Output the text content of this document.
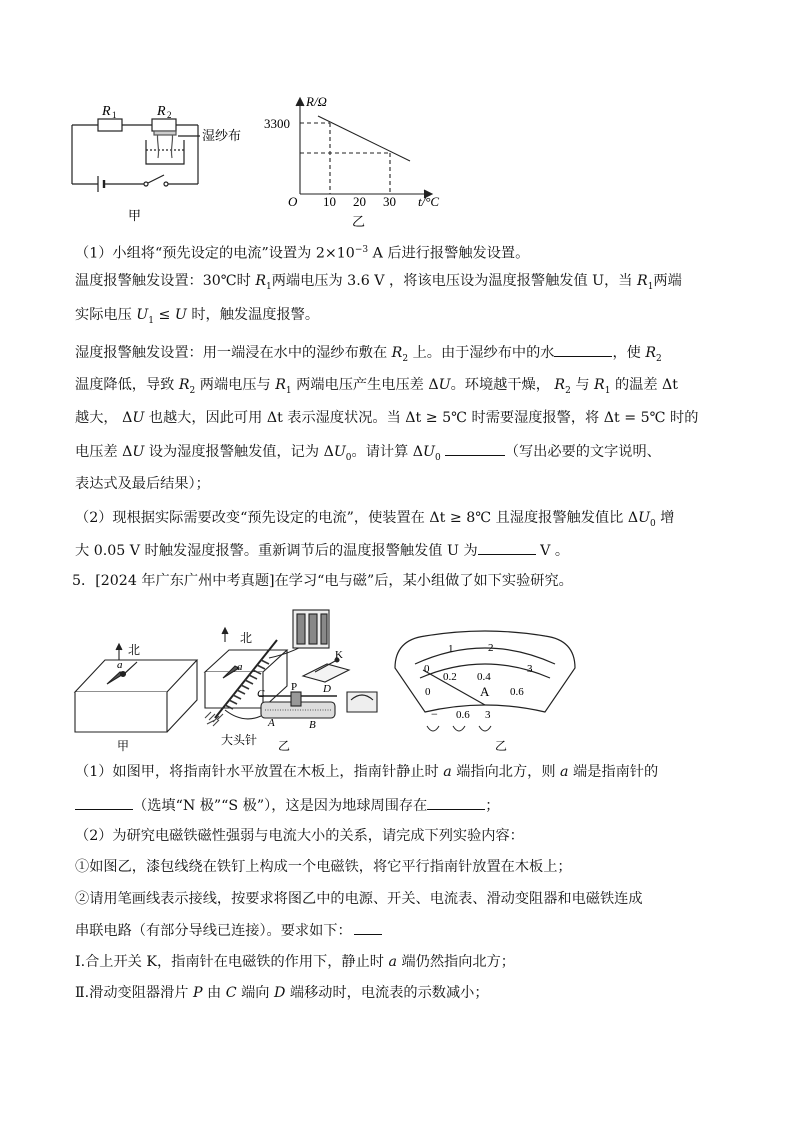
R 1	R 2
湿纱布
甲
R/Ω
3300
O 10 20 30 t/°C
乙
（1）小组将“预先设定的电流”设置为 $2\times 10^{-3}$ A 后进行报警触发设置。
温度报警触发设置：30℃时 $R_1$两端电压为 3.6 V ，将该电压设为温度报警触发值 U，当 $R_1$两端
实际电压 $U_1 \le U$ 时，触发温度报警。
湿度报警触发设置：用一端浸在水中的湿纱布敷在 $R_2$ 上。由于湿纱布中的水	，使 $R_2$
温度降低，导致 $R_2$ 两端电压与 $R_1$ 两端电压产生电压差 ΔU。环境越干燥， $R_2$ 与 $R_1$ 的温差 Δt
越大， ΔU 也越大，因此可用 Δt 表示湿度状况。当 Δt ≥ 5℃ 时需要湿度报警，将 Δt = 5℃ 时的
电压差 ΔU 设为湿度报警触发值，记为 $\Delta U_0$。请计算 $\Delta U_0$	（写出必要的文字说明、
表达式及最后结果）；
（2）现根据实际需要改变“预先设定的电流”，使装置在 Δt ≥ 8℃ 且湿度报警触发值比 $\Delta U_0$ 增
大 0.05 V 时触发湿度报警。重新调节后的温度报警触发值 U 为	V 。
5．[2024 年广东广州中考真题]在学习“电与磁”后，某小组做了如下实验研究。
北
a
甲
北
a
C
P D
A	B
K
大头针 乙
0
1	2
3
0
0.2 0.4
0.6
A
− 0.6 3
乙
（1）如图甲，将指南针水平放置在木板上，指南针静止时 a 端指向北方，则 a 端是指南针的
（选填“N 极”“S 极”），这是因为地球周围存在	；
（2）为研究电磁铁磁性强弱与电流大小的关系，请完成下列实验内容：
①如图乙，漆包线绕在铁钉上构成一个电磁铁，将它平行指南针放置在木板上；
②请用笔画线表示接线，按要求将图乙中的电源、开关、电流表、滑动变阻器和电磁铁连成
串联电路（有部分导线已连接）。要求如下：
Ⅰ.合上开关 K，指南针在电磁铁的作用下，静止时 a 端仍然指向北方；
Ⅱ.滑动变阻器滑片 P 由 C 端向 D 端移动时，电流表的示数减小；
